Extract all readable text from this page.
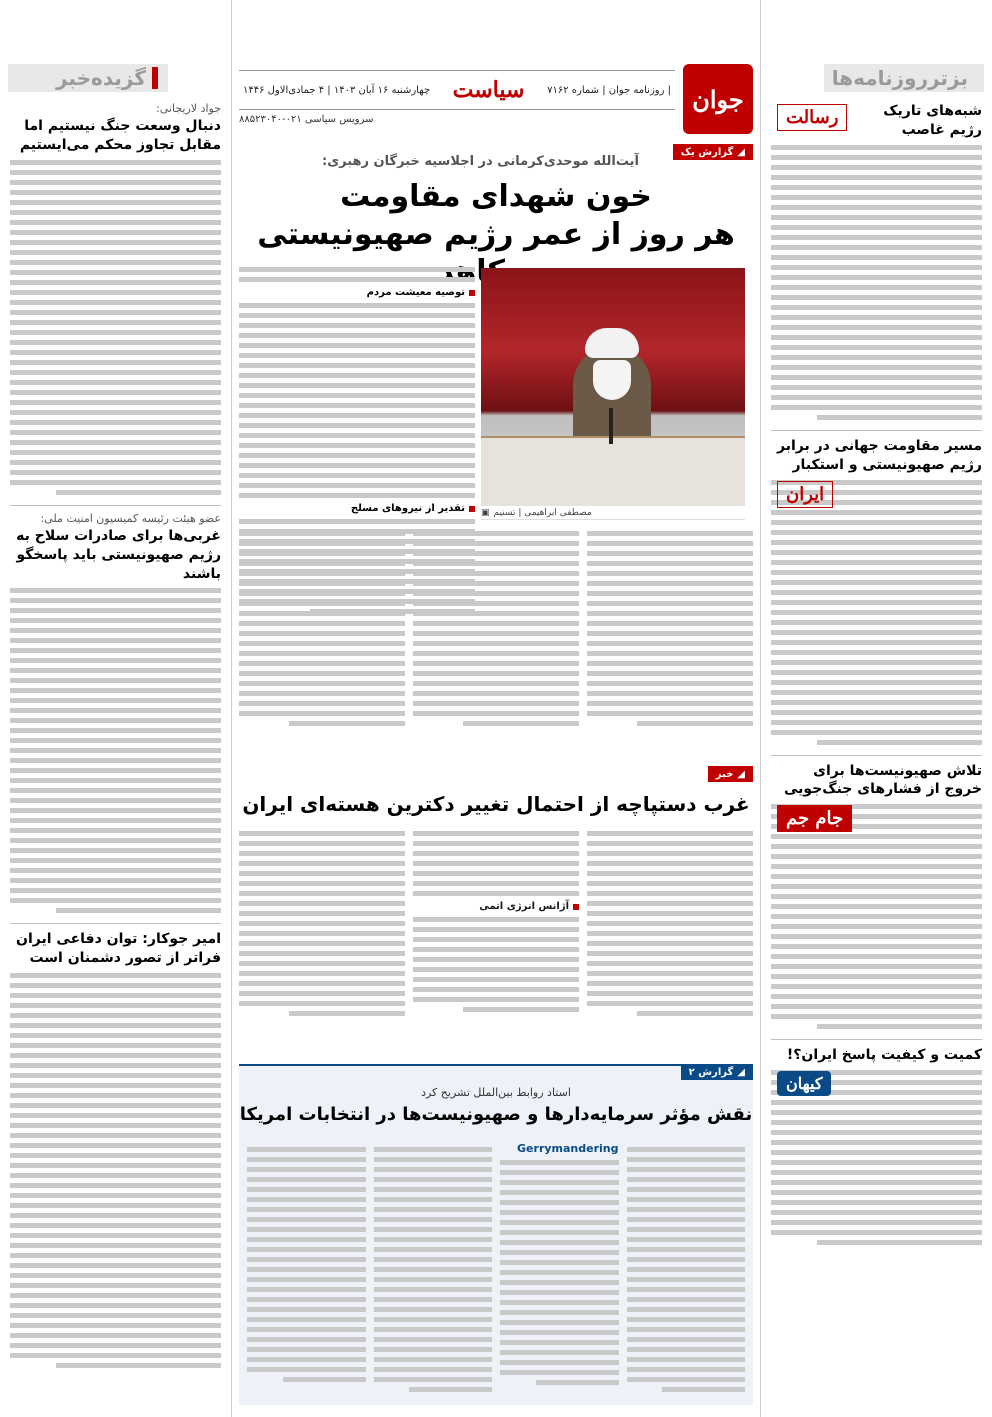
بزترروزنامه‌ها
رسالت	شبه‌های تاریک رژیم غاصب
مسیر مقاومت جهانی در برابر رژیم صهیونیستی و استکبار
ایران
تلاش صهیونیست‌ها برای خروج از فشارهای جنگ‌جویی
جام جم
کمیت و کیفیت پاسخ ایران؟!
کیهان
جوان
| روزنامه جوان | شماره ۷۱۶۲
سیاست
چهارشنبه ۱۶ آبان ۱۴۰۳ | ۴ جمادی‌الاول ۱۴۴۶
سرویس سیاسی ۰۲۱-۸۸۵۲۳۰۴۰
◢
گزارش یک
آیت‌الله موحدی‌کرمانی در اجلاسیه خبرگان رهبری:
خون شهدای مقاومت
هر روز از عمر رژیم صهیونیستی
مصطفی ابراهیمی | تسنیم
▣
توصیه معیشت مردم
تقدیر از نیروهای مسلح
◢
خبر
غرب دستپاچه از احتمال تغییر دکترین هسته‌ای ایران
آژانس انرژی اتمی
◢
گزارش ۲
استاد روابط بین‌الملل تشریح کرد
نقش مؤثر سرمایه‌دارها و صهیونیست‌ها در انتخابات امریکا
Gerrymandering
گزیده‌خبر
جواد لاریجانی:
دنبال وسعت جنگ نیستیم اما مقابل تجاوز محکم می‌ایستیم
عضو هیئت رئیسه کمیسیون امنیت ملی:
غربی‌ها برای صادرات سلاح به رژیم صهیونیستی باید پاسخگو باشند
امیر جوکار: توان دفاعی ایران فراتر از تصور دشمنان است
